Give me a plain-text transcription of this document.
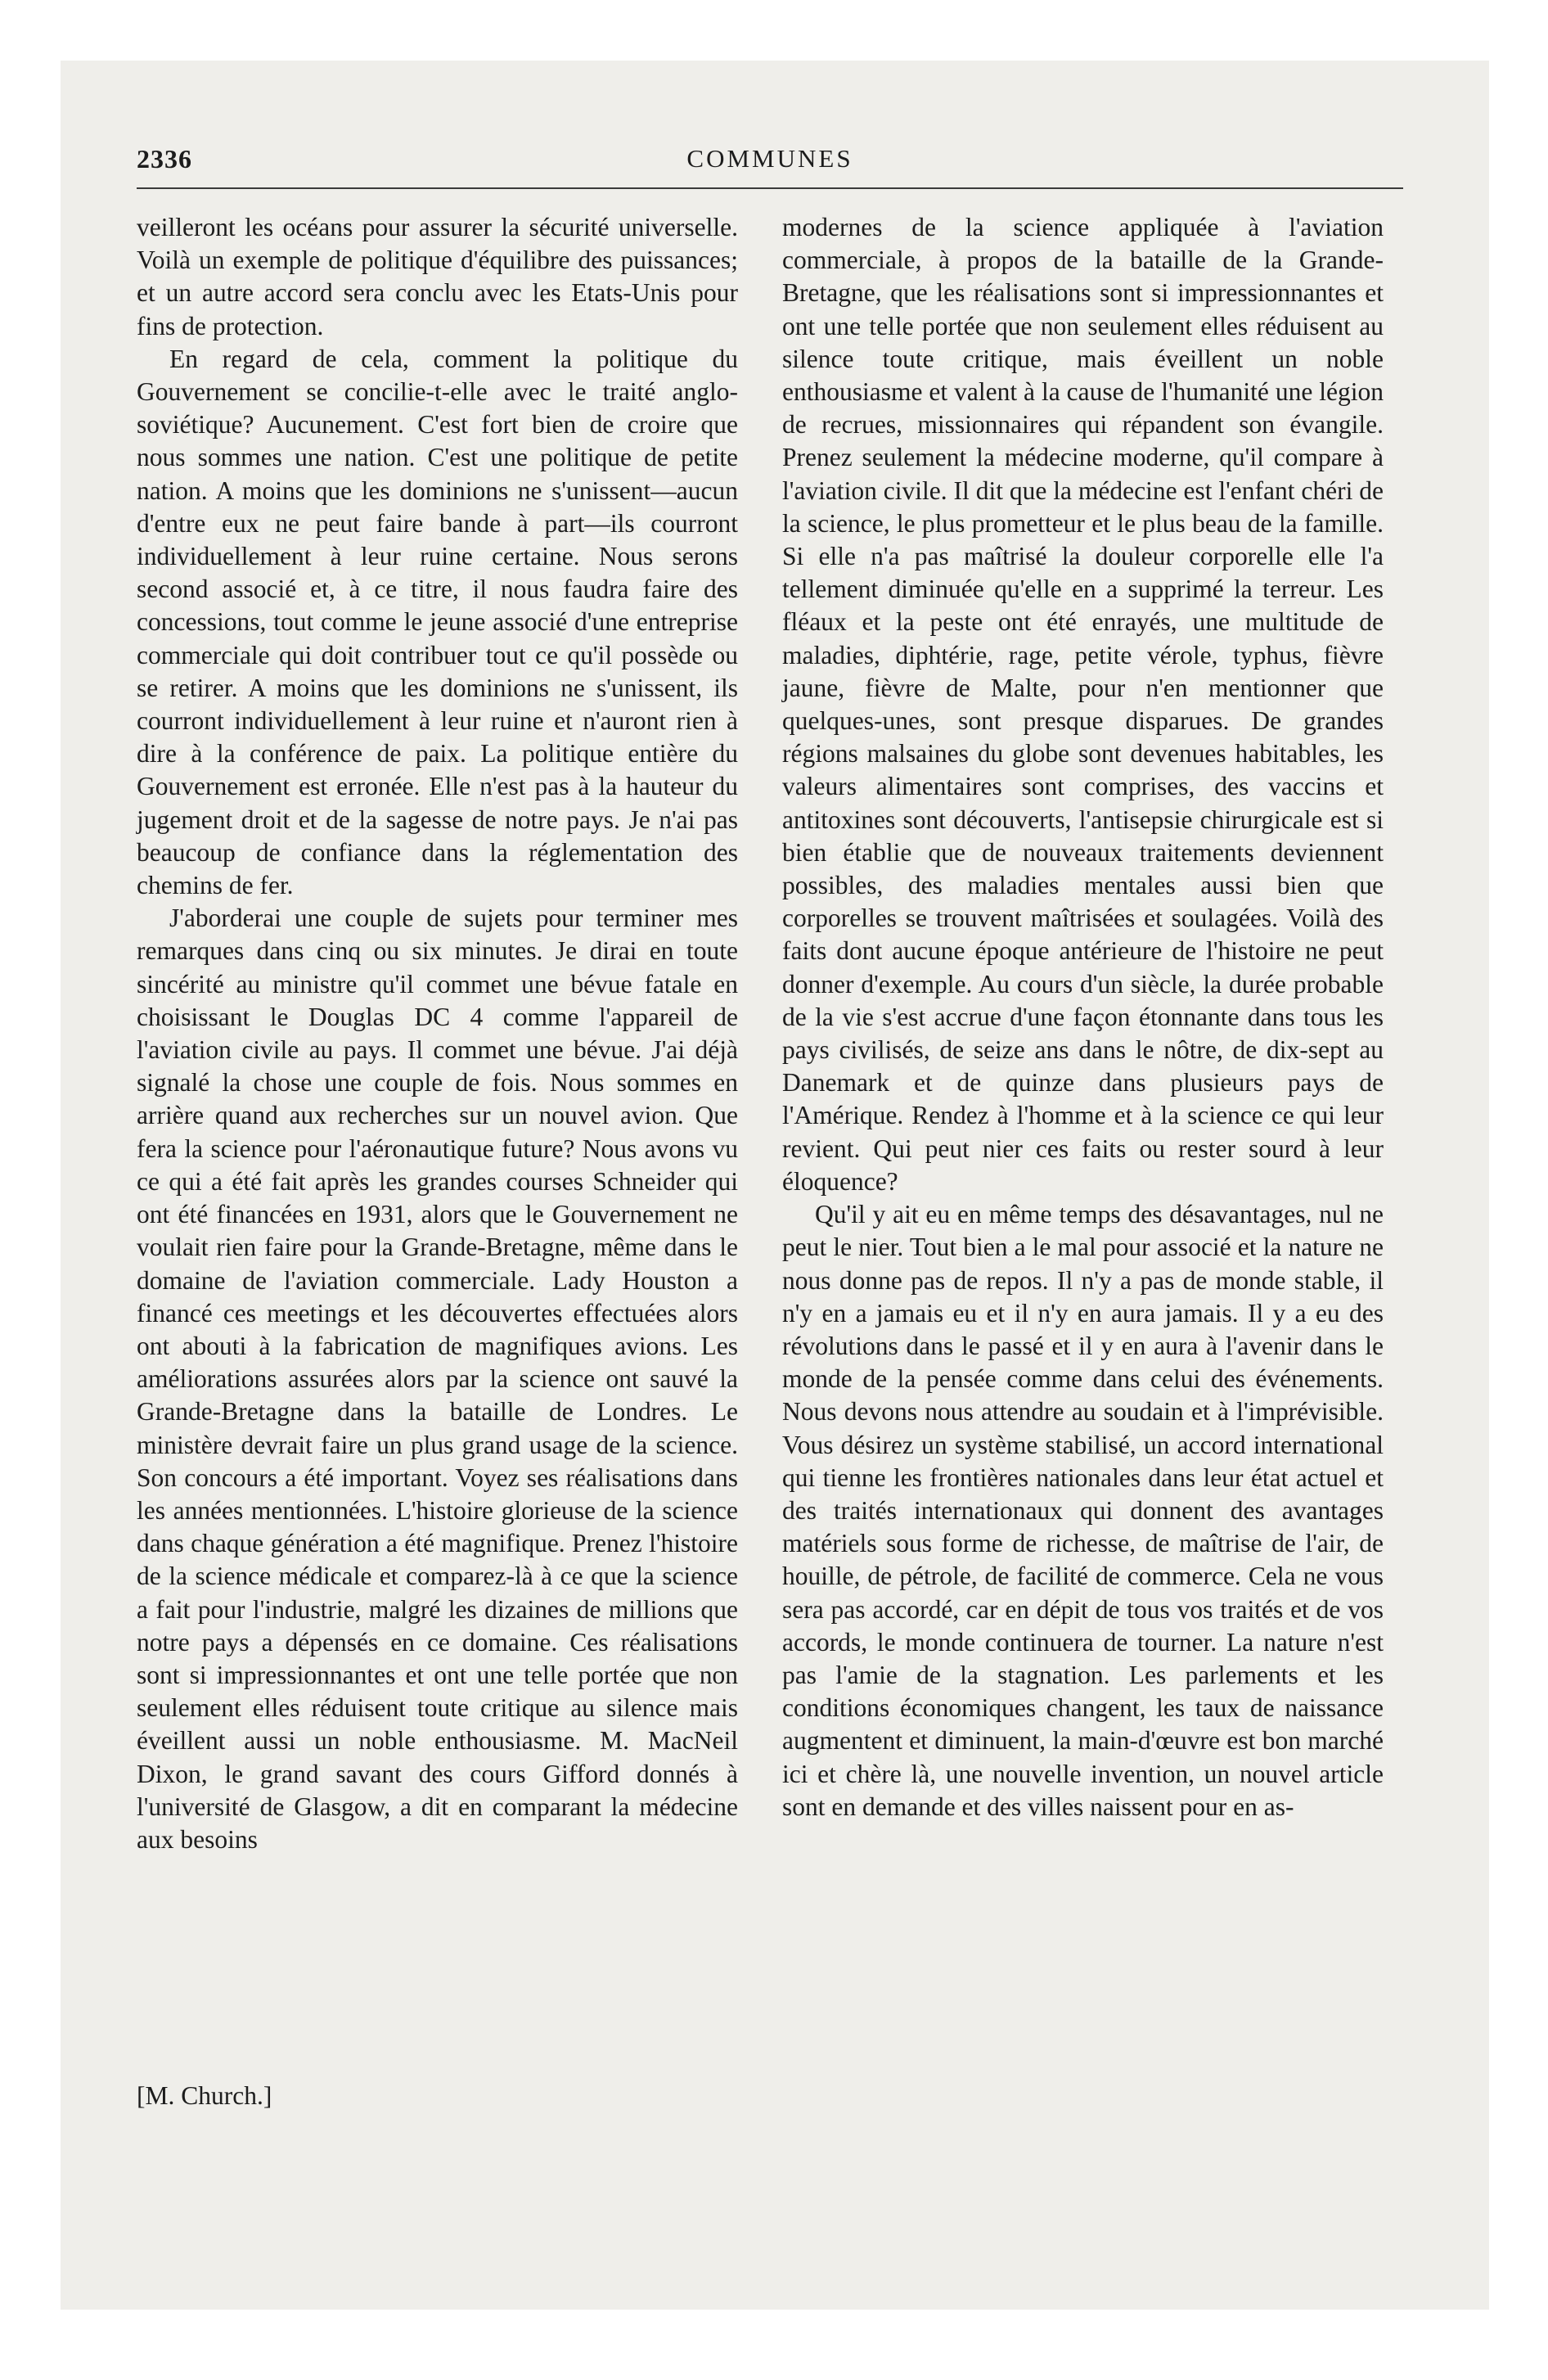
2336	COMMUNES

veilleront les océans pour assurer la sécurité universelle. Voilà un exemple de politique d'équilibre des puissances; et un autre accord sera conclu avec les Etats-Unis pour fins de protection.

En regard de cela, comment la politique du Gouvernement se concilie-t-elle avec le traité anglo-soviétique? Aucunement. C'est fort bien de croire que nous sommes une nation. C'est une politique de petite nation. A moins que les dominions ne s'unissent—aucun d'entre eux ne peut faire bande à part—ils courront individuellement à leur ruine certaine. Nous serons second associé et, à ce titre, il nous faudra faire des concessions, tout comme le jeune associé d'une entreprise commerciale qui doit contribuer tout ce qu'il possède ou se retirer. A moins que les dominions ne s'unissent, ils courront individuellement à leur ruine et n'auront rien à dire à la conférence de paix. La politique entière du Gouvernement est erronée. Elle n'est pas à la hauteur du jugement droit et de la sagesse de notre pays. Je n'ai pas beaucoup de confiance dans la réglementation des chemins de fer.

J'aborderai une couple de sujets pour terminer mes remarques dans cinq ou six minutes. Je dirai en toute sincérité au ministre qu'il commet une bévue fatale en choisissant le Douglas DC 4 comme l'appareil de l'aviation civile au pays. Il commet une bévue. J'ai déjà signalé la chose une couple de fois. Nous sommes en arrière quand aux recherches sur un nouvel avion. Que fera la science pour l'aéronautique future? Nous avons vu ce qui a été fait après les grandes courses Schneider qui ont été financées en 1931, alors que le Gouvernement ne voulait rien faire pour la Grande-Bretagne, même dans le domaine de l'aviation commerciale. Lady Houston a financé ces meetings et les découvertes effectuées alors ont abouti à la fabrication de magnifiques avions. Les améliorations assurées alors par la science ont sauvé la Grande-Bretagne dans la bataille de Londres. Le ministère devrait faire un plus grand usage de la science. Son concours a été important. Voyez ses réalisations dans les années mentionnées. L'histoire glorieuse de la science dans chaque génération a été magnifique. Prenez l'histoire de la science médicale et comparez-là à ce que la science a fait pour l'industrie, malgré les dizaines de millions que notre pays a dépensés en ce domaine. Ces réalisations sont si impressionnantes et ont une telle portée que non seulement elles réduisent toute critique au silence mais éveillent aussi un noble enthousiasme. M. MacNeil Dixon, le grand savant des cours Gifford donnés à l'université de Glasgow, a dit en comparant la médecine aux besoins

modernes de la science appliquée à l'aviation commerciale, à propos de la bataille de la Grande-Bretagne, que les réalisations sont si impressionnantes et ont une telle portée que non seulement elles réduisent au silence toute critique, mais éveillent un noble enthousiasme et valent à la cause de l'humanité une légion de recrues, missionnaires qui répandent son évangile. Prenez seulement la médecine moderne, qu'il compare à l'aviation civile. Il dit que la médecine est l'enfant chéri de la science, le plus prometteur et le plus beau de la famille. Si elle n'a pas maîtrisé la douleur corporelle elle l'a tellement diminuée qu'elle en a supprimé la terreur. Les fléaux et la peste ont été enrayés, une multitude de maladies, diphtérie, rage, petite vérole, typhus, fièvre jaune, fièvre de Malte, pour n'en mentionner que quelques-unes, sont presque disparues. De grandes régions malsaines du globe sont devenues habitables, les valeurs alimentaires sont comprises, des vaccins et antitoxines sont découverts, l'antisepsie chirurgicale est si bien établie que de nouveaux traitements deviennent possibles, des maladies mentales aussi bien que corporelles se trouvent maîtrisées et soulagées. Voilà des faits dont aucune époque antérieure de l'histoire ne peut donner d'exemple. Au cours d'un siècle, la durée probable de la vie s'est accrue d'une façon étonnante dans tous les pays civilisés, de seize ans dans le nôtre, de dix-sept au Danemark et de quinze dans plusieurs pays de l'Amérique. Rendez à l'homme et à la science ce qui leur revient. Qui peut nier ces faits ou rester sourd à leur éloquence?

Qu'il y ait eu en même temps des désavantages, nul ne peut le nier. Tout bien a le mal pour associé et la nature ne nous donne pas de repos. Il n'y a pas de monde stable, il n'y en a jamais eu et il n'y en aura jamais. Il y a eu des révolutions dans le passé et il y en aura à l'avenir dans le monde de la pensée comme dans celui des événements. Nous devons nous attendre au soudain et à l'imprévisible. Vous désirez un système stabilisé, un accord international qui tienne les frontières nationales dans leur état actuel et des traités internationaux qui donnent des avantages matériels sous forme de richesse, de maîtrise de l'air, de houille, de pétrole, de facilité de commerce. Cela ne vous sera pas accordé, car en dépit de tous vos traités et de vos accords, le monde continuera de tourner. La nature n'est pas l'amie de la stagnation. Les parlements et les conditions économiques changent, les taux de naissance augmentent et diminuent, la main-d'œuvre est bon marché ici et chère là, une nouvelle invention, un nouvel article sont en demande et des villes naissent pour en as-

[M. Church.]
